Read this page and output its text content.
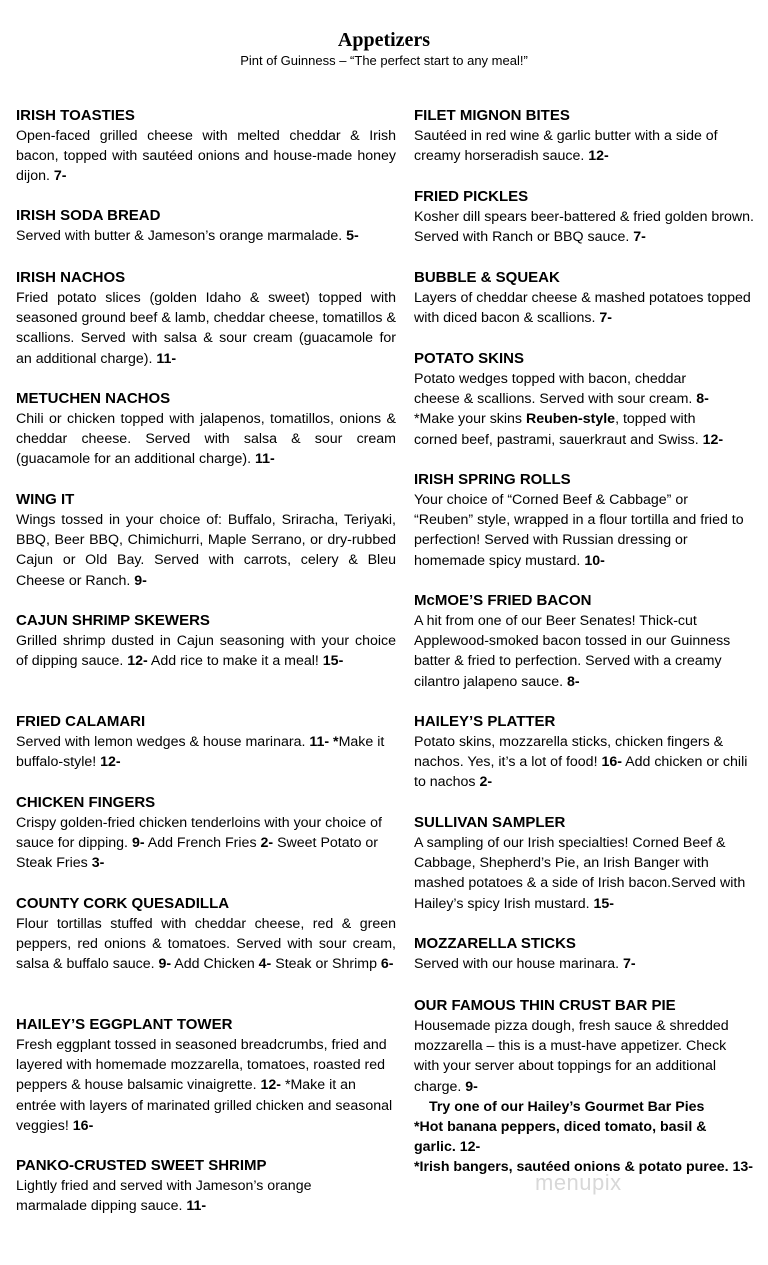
Appetizers
Pint of Guinness – “The perfect start to any meal!”
IRISH TOASTIES
Open-faced grilled cheese with melted cheddar & Irish bacon, topped with sautéed onions and house-made honey dijon. 7-
IRISH SODA BREAD
Served with butter & Jameson’s orange marmalade. 5-
IRISH NACHOS
Fried potato slices (golden Idaho & sweet) topped with seasoned ground beef & lamb, cheddar cheese, tomatillos & scallions. Served with salsa & sour cream (guacamole for an additional charge). 11-
METUCHEN NACHOS
Chili or chicken topped with jalapenos, tomatillos, onions & cheddar cheese. Served with salsa & sour cream (guacamole for an additional charge). 11-
WING IT
Wings tossed in your choice of: Buffalo, Sriracha, Teriyaki, BBQ, Beer BBQ, Chimichurri, Maple Serrano, or dry-rubbed Cajun or Old Bay. Served with carrots, celery & Bleu Cheese or Ranch. 9-
CAJUN SHRIMP SKEWERS
Grilled shrimp dusted in Cajun seasoning with your choice of dipping sauce. 12- Add rice to make it a meal! 15-
FRIED CALAMARI
Served with lemon wedges & house marinara. 11- *Make it buffalo-style! 12-
CHICKEN FINGERS
Crispy golden-fried chicken tenderloins with your choice of sauce for dipping. 9- Add French Fries 2- Sweet Potato or Steak Fries 3-
COUNTY CORK QUESADILLA
Flour tortillas stuffed with cheddar cheese, red & green peppers, red onions & tomatoes. Served with sour cream, salsa & buffalo sauce. 9- Add Chicken 4- Steak or Shrimp 6-
HAILEY’S EGGPLANT TOWER
Fresh eggplant tossed in seasoned breadcrumbs, fried and layered with homemade mozzarella, tomatoes, roasted red peppers & house balsamic vinaigrette. 12- *Make it an entrée with layers of marinated grilled chicken and seasonal veggies! 16-
PANKO-CRUSTED SWEET SHRIMP
Lightly fried and served with Jameson’s orange marmalade dipping sauce. 11-
FILET MIGNON BITES
Sautéed in red wine & garlic butter with a side of creamy horseradish sauce. 12-
FRIED PICKLES
Kosher dill spears beer-battered & fried golden brown. Served with Ranch or BBQ sauce. 7-
BUBBLE & SQUEAK
Layers of cheddar cheese & mashed potatoes topped with diced bacon & scallions. 7-
POTATO SKINS
Potato wedges topped with bacon, cheddar cheese & scallions. Served with sour cream. 8- *Make your skins Reuben-style, topped with corned beef, pastrami, sauerkraut and Swiss. 12-
IRISH SPRING ROLLS
Your choice of “Corned Beef & Cabbage” or “Reuben” style, wrapped in a flour tortilla and fried to perfection! Served with Russian dressing or homemade spicy mustard. 10-
McMOE’S FRIED BACON
A hit from one of our Beer Senates! Thick-cut Applewood-smoked bacon tossed in our Guinness batter & fried to perfection. Served with a creamy cilantro jalapeno sauce. 8-
HAILEY’S PLATTER
Potato skins, mozzarella sticks, chicken fingers & nachos. Yes, it’s a lot of food! 16- Add chicken or chili to nachos 2-
SULLIVAN SAMPLER
A sampling of our Irish specialties! Corned Beef & Cabbage, Shepherd’s Pie, an Irish Banger with mashed potatoes & a side of Irish bacon.Served with Hailey’s spicy Irish mustard. 15-
MOZZARELLA STICKS
Served with our house marinara. 7-
OUR FAMOUS THIN CRUST BAR PIE
Housemade pizza dough, fresh sauce & shredded mozzarella – this is a must-have appetizer. Check with your server about toppings for an additional charge. 9-
Try one of our Hailey’s Gourmet Bar Pies
*Hot banana peppers, diced tomato, basil & garlic. 12-
*Irish bangers, sautéed onions & potato puree. 13-
menupix
